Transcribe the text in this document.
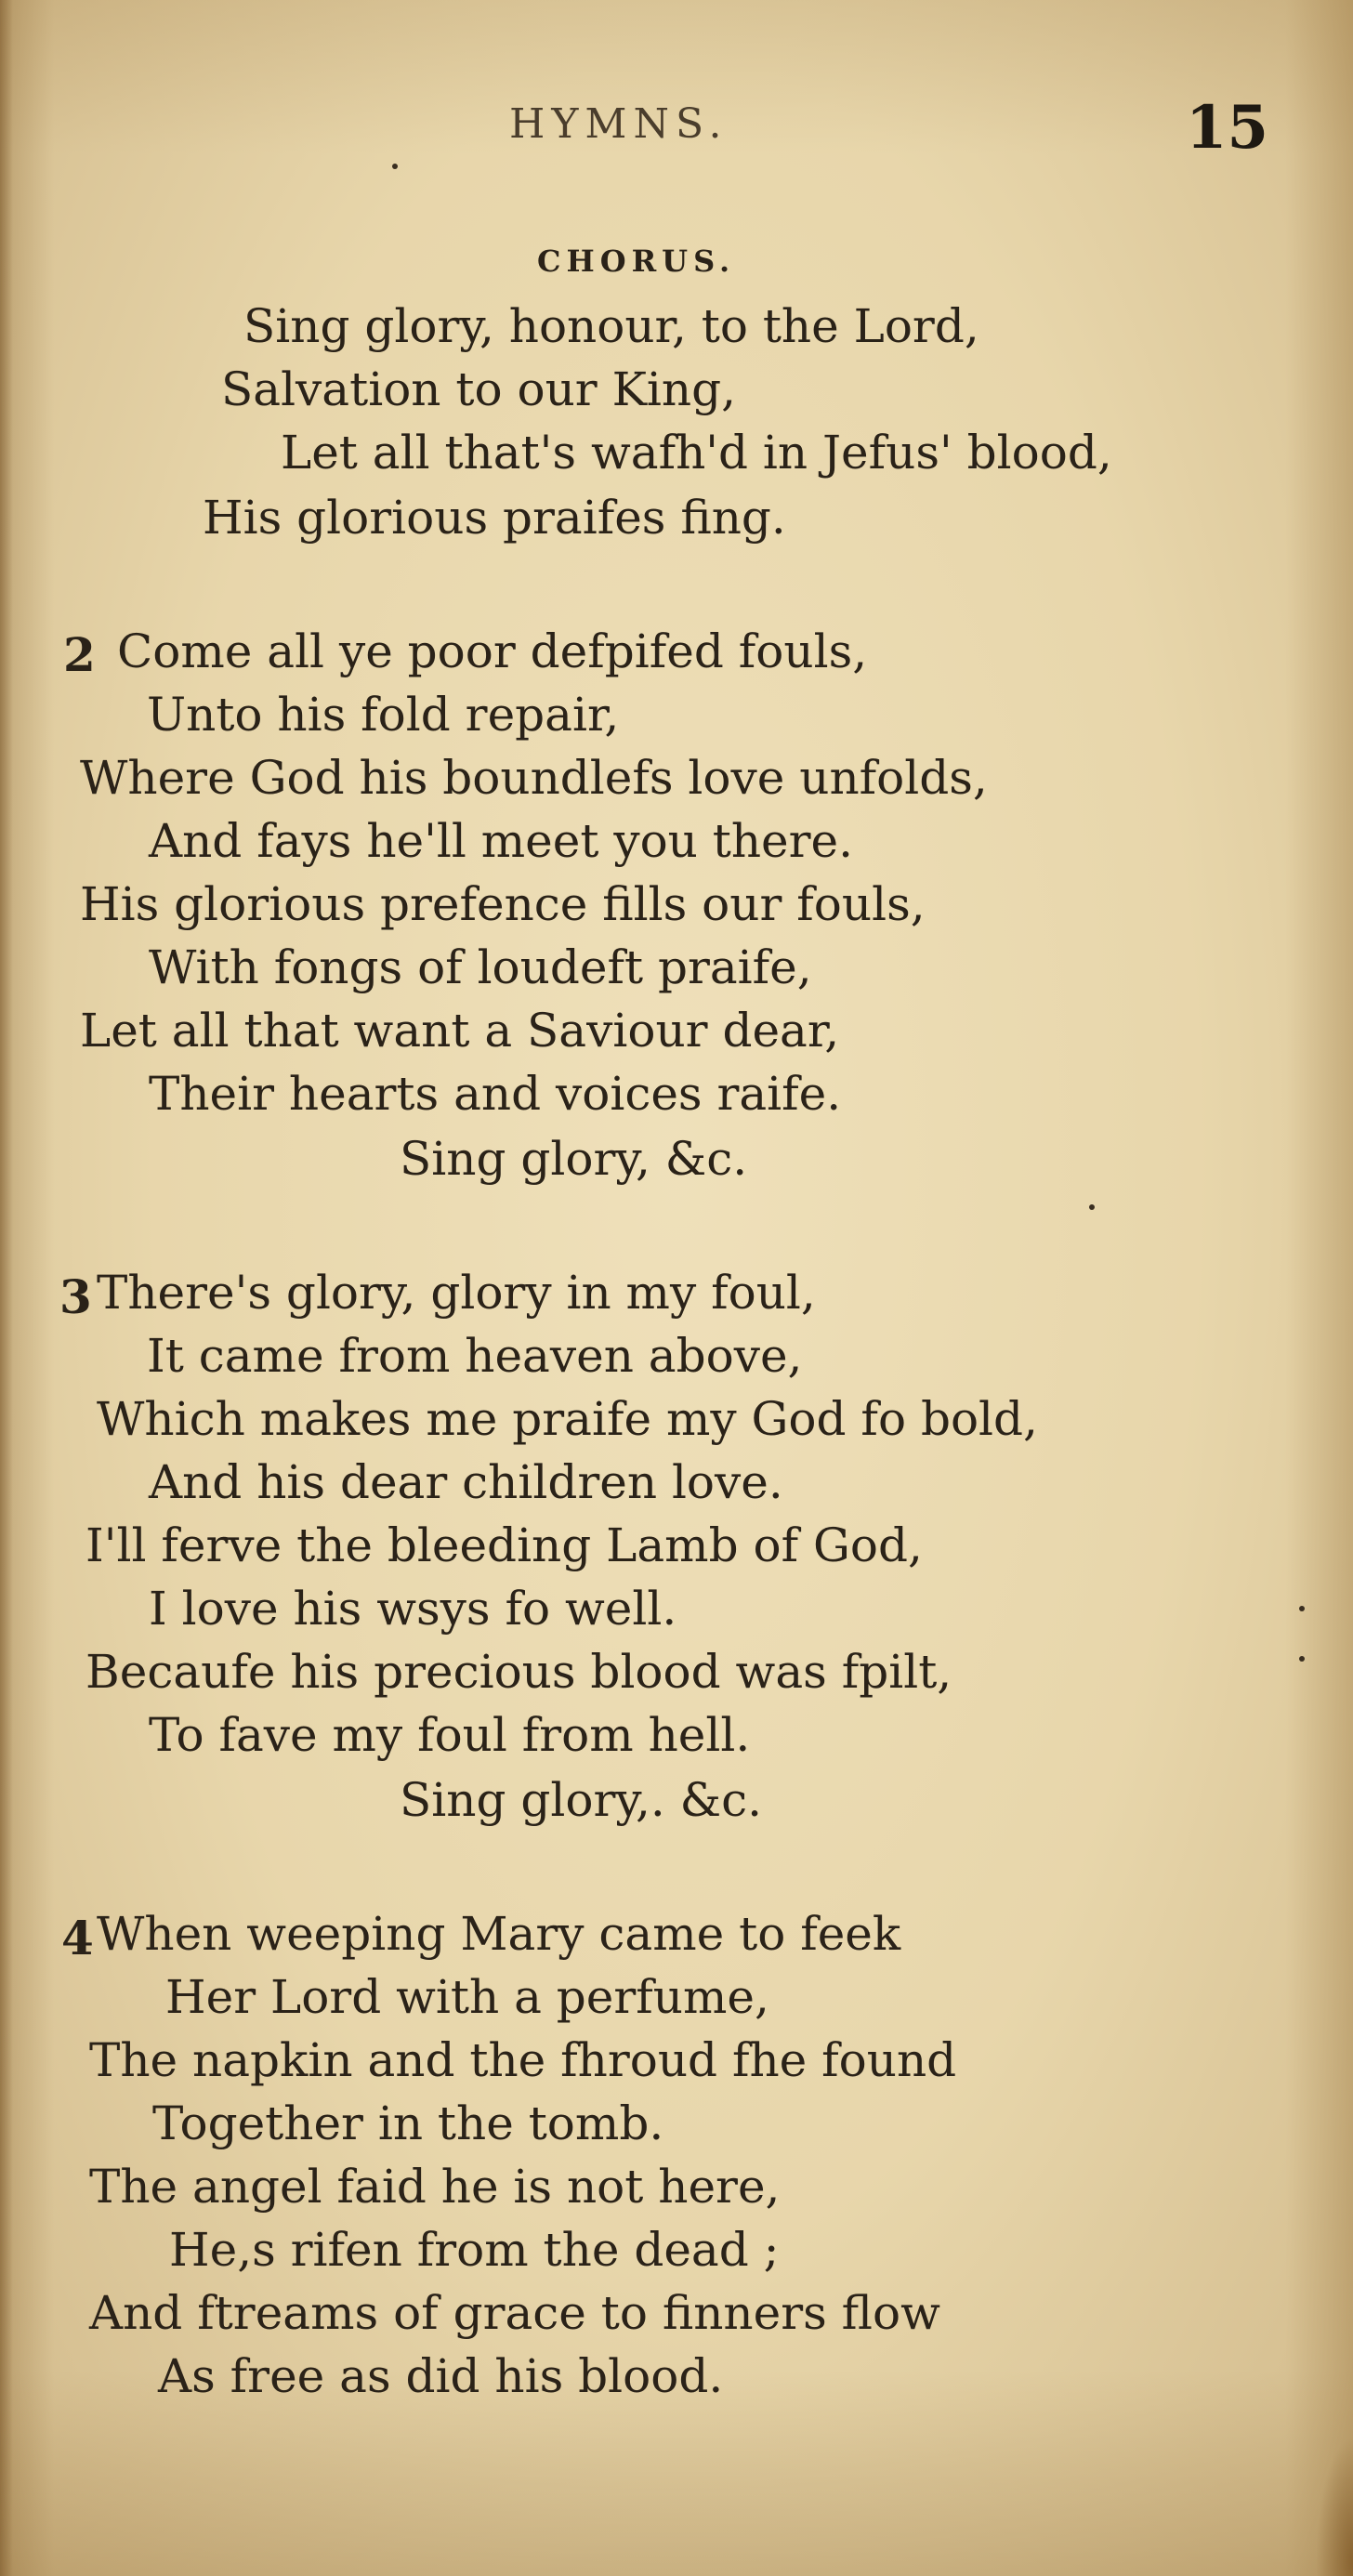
HYMNS.	15
CHORUS.
Sing glory, honour, to the Lord,
Salvation to our King,
Let all that's wafh'd in Jefus' blood,
His glorious praifes fing.
2 Come all ye poor defpifed fouls,
Unto his fold repair,
Where God his boundlefs love unfolds,
And fays he'll meet you there.
His glorious prefence fills our fouls,
With fongs of loudeft praife,
Let all that want a Saviour dear,
Their hearts and voices raife.
Sing glory, &c.
3 There's glory, glory in my foul,
It came from heaven above,
Which makes me praife my God fo bold,
And his dear children love.
I'll ferve the bleeding Lamb of God,
I love his wsys fo well.
Becaufe his precious blood was fpilt,
To fave my foul from hell.
Sing glory,. &c.
4 When weeping Mary came to feek
Her Lord with a perfume,
The napkin and the fhroud fhe found
Together in the tomb.
The angel faid he is not here,
He,s rifen from the dead ;
And ftreams of grace to finners flow
As free as did his blood.
